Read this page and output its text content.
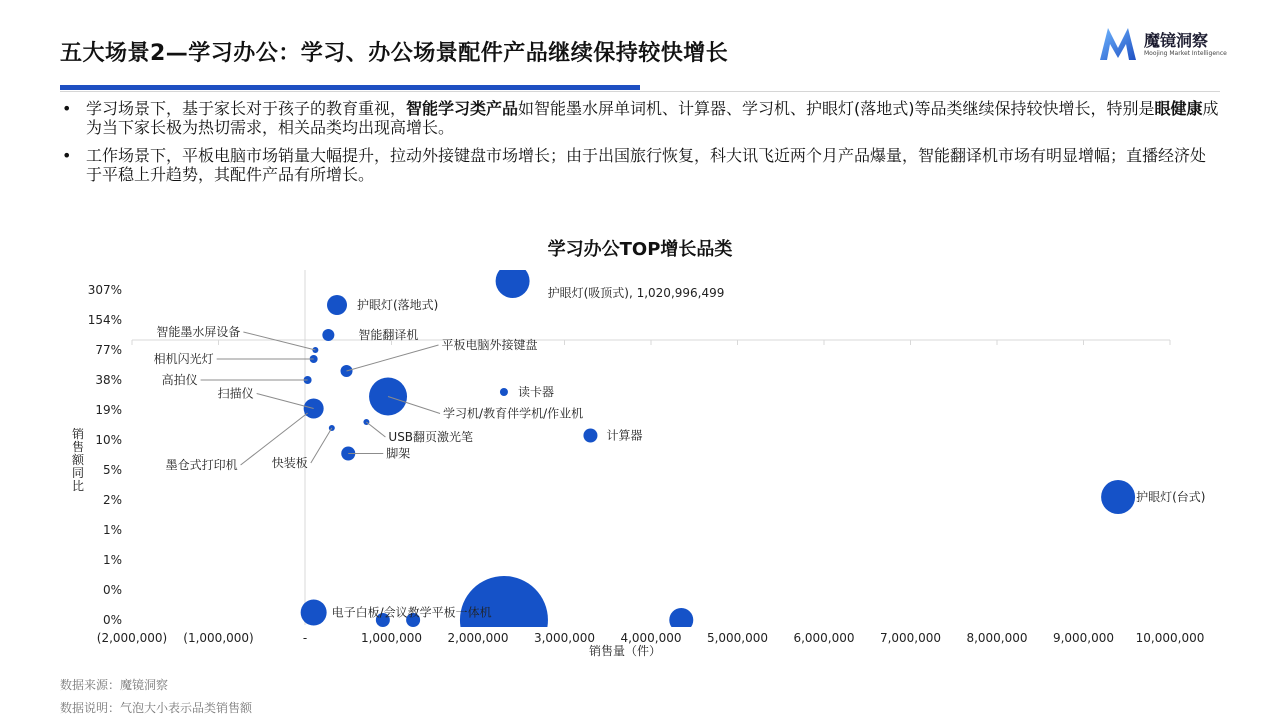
五大场景2—学习办公：学习、办公场景配件产品继续保持较快增长
魔镜洞察
Moojing Market Intelligence
• 学习场景下，基于家长对于孩子的教育重视，智能学习类产品如智能墨水屏单词机、计算器、学习机、护眼灯(落地式)等品类继续保持较快增长，特别是眼健康成为当下家长极为热切需求，相关品类均出现高增长。
• 工作场景下，平板电脑市场销量大幅提升，拉动外接键盘市场增长；由于出国旅行恢复，科大讯飞近两个月产品爆量，智能翻译机市场有明显增幅；直播经济处于平稳上升趋势，其配件产品有所增长。
学习办公TOP增长品类
(2,000,000) (1,000,000)	-	1,000,000 2,000,000 3,000,000 4,000,000 5,000,000 6,000,000 7,000,000 8,000,000 9,000,000 10,000,000
0%
0%
1%
1%
2%
5%
10%
19%
38%
77%
154%
307%	护眼灯(吸顶式), 1,020,996,499
护眼灯(落地式)
智能翻译机
智能墨水屏设备
相机闪光灯
平板电脑外接键盘
高拍仪
扫描仪
墨仓式打印机
学习机/教育伴学机/作业机
读卡器
USB翻页激光笔
快装板
计算器
脚架
护眼灯(台式)
电子白板/会议教学平板一体机
销售量（件）
销售额同比
数据来源：魔镜洞察
数据说明：气泡大小表示品类销售额
